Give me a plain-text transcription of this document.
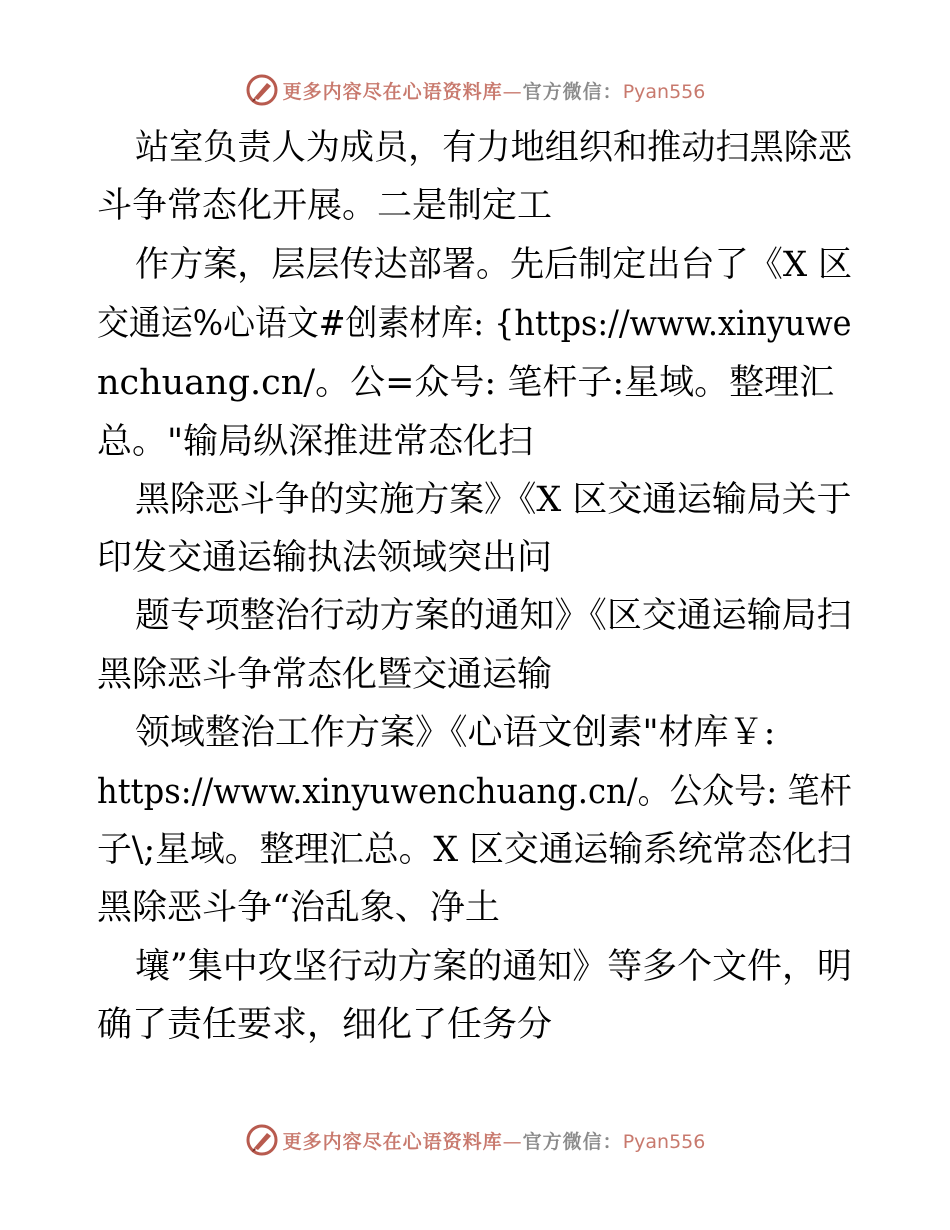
更多内容尽在心语资料库—官方微信：Pyan556
站室负责人为成员，有力地组织和推动扫黑除恶
斗争常态化开展。二是制定工
作方案，层层传达部署。先后制定出台了《X 区
交通运%心语文#创素材库: {https://www.xinyuwe
nchuang.cn/。公=众号: 笔杆子:星域。整理汇
总。"输局纵深推进常态化扫
黑除恶斗争的实施方案》《X 区交通运输局关于
印发交通运输执法领域突出问
题专项整治行动方案的通知》《区交通运输局扫
黑除恶斗争常态化暨交通运输
领域整治工作方案》《心语文创素"材库￥:
https://www.xinyuwenchuang.cn/。公众号: 笔杆
子\;星域。整理汇总。X 区交通运输系统常态化扫
黑除恶斗争“治乱象、净土
壤”集中攻坚行动方案的通知》等多个文件，明
确了责任要求，细化了任务分
更多内容尽在心语资料库—官方微信：Pyan556
